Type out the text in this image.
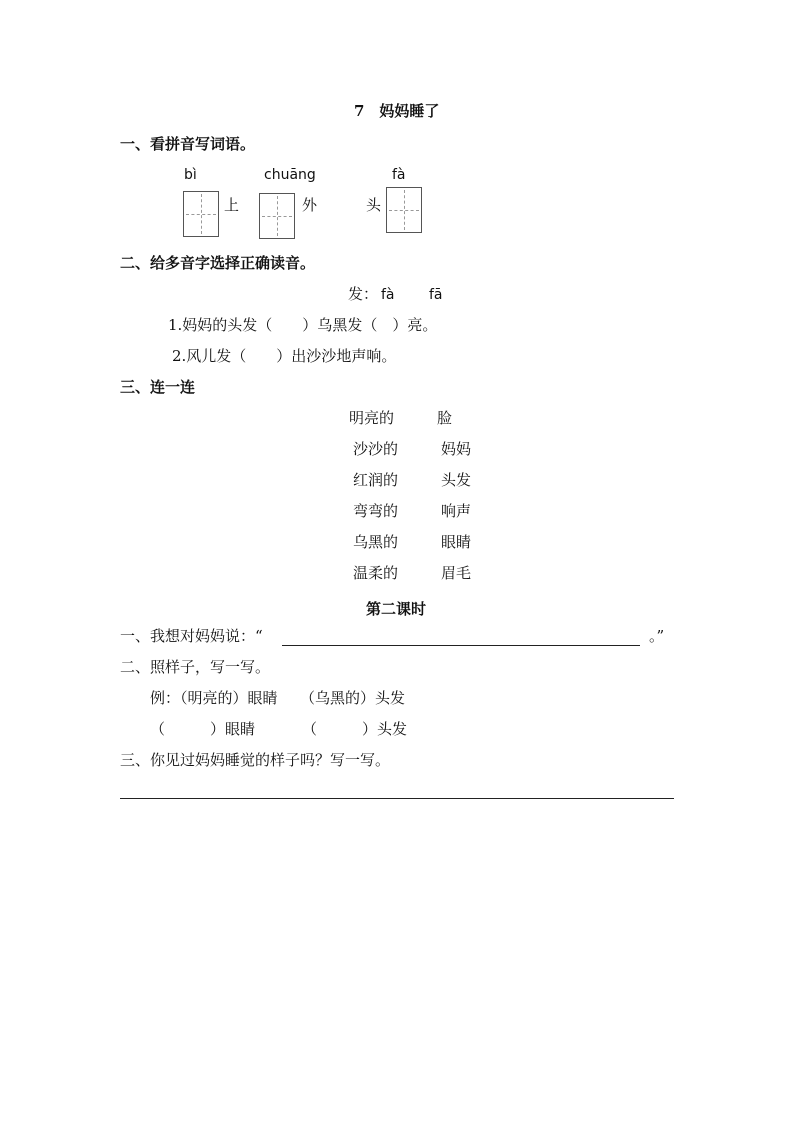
7　妈妈睡了
一、看拼音写词语。
bì
上
chuāng
外
fà
头
二、给多音字选择正确读音。
发： fà fā
1.妈妈的头发（　　）乌黑发（　）亮。
2.风儿发（　　）出沙沙地声响。
三、连一连
明亮的
沙沙的
红润的
弯弯的
乌黑的
温柔的
脸
妈妈
头发
响声
眼睛
眉毛
第二课时
一、我想对妈妈说：“	。”
二、照样子，写一写。
例：（明亮的）眼睛　　（乌黑的）头发
（　　　）眼睛	（　　　）头发
三、你见过妈妈睡觉的样子吗？写一写。
